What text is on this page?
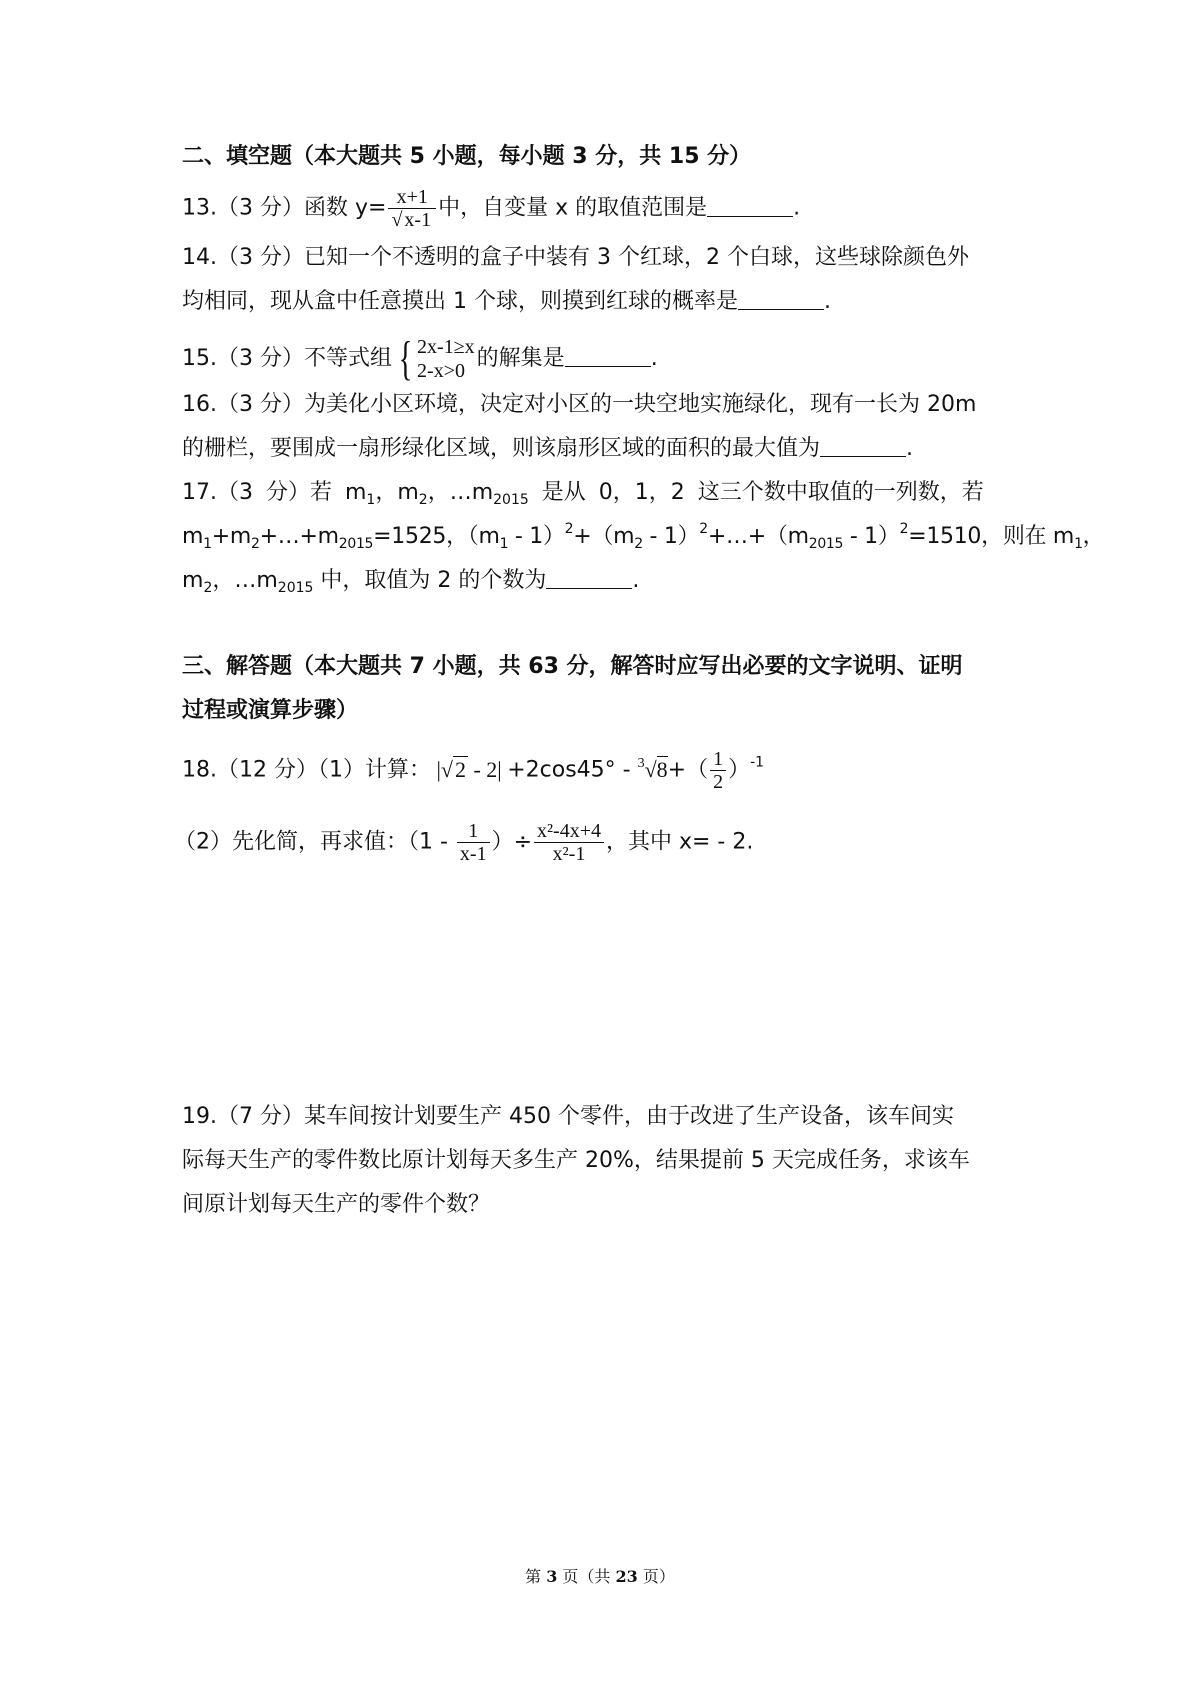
二、填空题（本大题共 5 小题，每小题 3 分，共 15 分）
13.（3 分）函数 $y= \frac{x+1}{√ x-1}$ 中，自变量 x 的取值范围是	.
14.（3 分）已知一个不透明的盒子中装有 3 个红球，2 个白球，这些球除颜色外
均相同，现从盒中任意摸出 1 个球，则摸到红球的概率是	.
15.（3 分）不等式组 { 2x-1≥x
2-x>0 的解集是	.
16.（3 分）为美化小区环境，决定对小区的一块空地实施绿化，现有一长为 20m
的栅栏，要围成一扇形绿化区域，则该扇形区域的面积的最大值为	.
17.（3 分）若 $m_1$，$m_2$，$\dots m_{2015}$ 是从 0，1，2 这三个数中取值的一列数，若
$m_1+m_2+\dots+m_{2015}=1525$，$(m_1 - 1)^2+(m_2$ - $1)^2+\dots+(m_{2015} - 1)^2=1510$，则在 $m_1$，
$m_2$，$\dots m_{2015}$ 中，取值为 2 的个数为	.
三、解答题（本大题共 7 小题，共 63 分，解答时应写出必要的文字说明、证明
过程或演算步骤）
18.（12 分）（1）计算： $|√2 - 2| +2\cos 45^\circ - ^3√8+( \frac{1}{2} )^{-1}$
（2）先化简，再求值：（$1 - \frac{1}{x-1}$ ）÷ $\frac{\text{x²-4x+4}}{\text{x²-1}}$ ，其中 x= - 2.
19.（7 分）某车间按计划要生产 450 个零件，由于改进了生产设备，该车间实
际每天生产的零件数比原计划每天多生产 20%，结果提前 5 天完成任务，求该车
间原计划每天生产的零件个数？
第 3 页（共 23 页）
